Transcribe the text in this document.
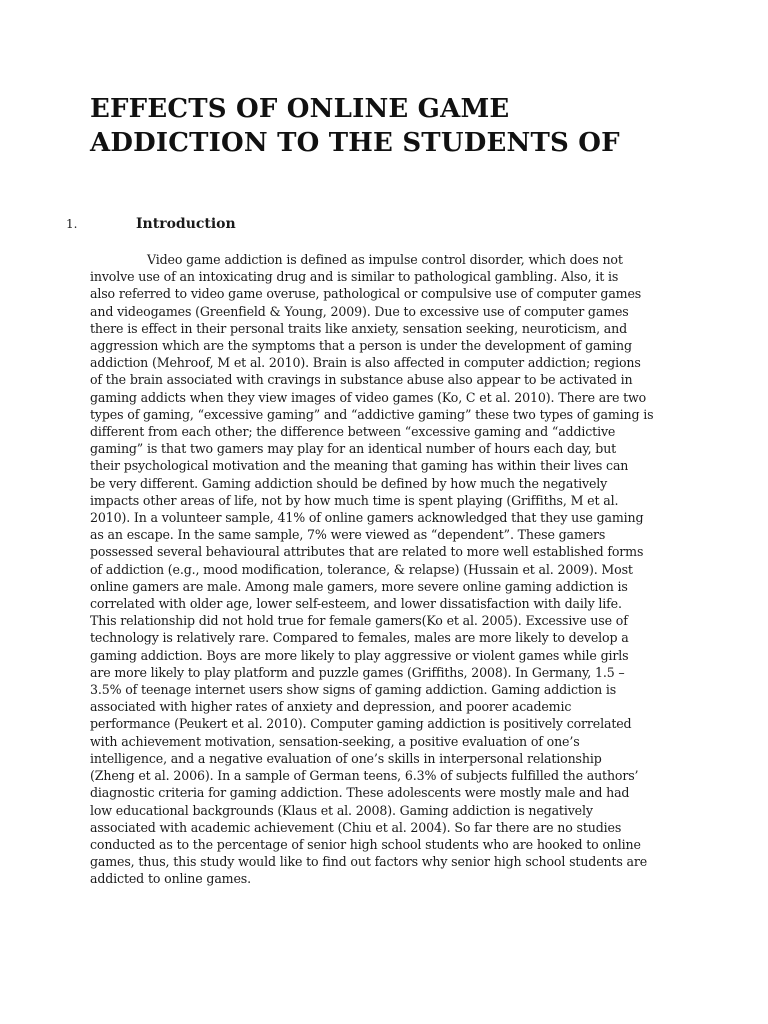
EFFECTS OF ONLINE GAME
ADDICTION TO THE STUDENTS OF
1.	Introduction

Video game addiction is defined as impulse control disorder, which does not
involve use of an intoxicating drug and is similar to pathological gambling. Also, it is
also referred to video game overuse, pathological or compulsive use of computer games
and videogames (Greenfield & Young, 2009). Due to excessive use of computer games
there is effect in their personal traits like anxiety, sensation seeking, neuroticism, and
aggression which are the symptoms that a person is under the development of gaming
addiction (Mehroof, M et al. 2010). Brain is also affected in computer addiction; regions
of the brain associated with cravings in substance abuse also appear to be activated in
gaming addicts when they view images of video games (Ko, C et al. 2010). There are two
types of gaming, “excessive gaming” and “addictive gaming” these two types of gaming is
different from each other; the difference between “excessive gaming and “addictive
gaming” is that two gamers may play for an identical number of hours each day, but
their psychological motivation and the meaning that gaming has within their lives can
be very different. Gaming addiction should be defined by how much the negatively
impacts other areas of life, not by how much time is spent playing (Griffiths, M et al.
2010). In a volunteer sample, 41% of online gamers acknowledged that they use gaming
as an escape. In the same sample, 7% were viewed as “dependent”. These gamers
possessed several behavioural attributes that are related to more well established forms
of addiction (e.g., mood modification, tolerance, & relapse) (Hussain et al. 2009). Most
online gamers are male. Among male gamers, more severe online gaming addiction is
correlated with older age, lower self-esteem, and lower dissatisfaction with daily life.
This relationship did not hold true for female gamers(Ko et al. 2005). Excessive use of
technology is relatively rare. Compared to females, males are more likely to develop a
gaming addiction. Boys are more likely to play aggressive or violent games while girls
are more likely to play platform and puzzle games (Griffiths, 2008). In Germany, 1.5 –
3.5% of teenage internet users show signs of gaming addiction. Gaming addiction is
associated with higher rates of anxiety and depression, and poorer academic
performance (Peukert et al. 2010). Computer gaming addiction is positively correlated
with achievement motivation, sensation-seeking, a positive evaluation of one’s
intelligence, and a negative evaluation of one’s skills in interpersonal relationship
(Zheng et al. 2006). In a sample of German teens, 6.3% of subjects fulfilled the authors’
diagnostic criteria for gaming addiction. These adolescents were mostly male and had
low educational backgrounds (Klaus et al. 2008). Gaming addiction is negatively
associated with academic achievement (Chiu et al. 2004). So far there are no studies
conducted as to the percentage of senior high school students who are hooked to online
games, thus, this study would like to find out factors why senior high school students are
addicted to online games.
